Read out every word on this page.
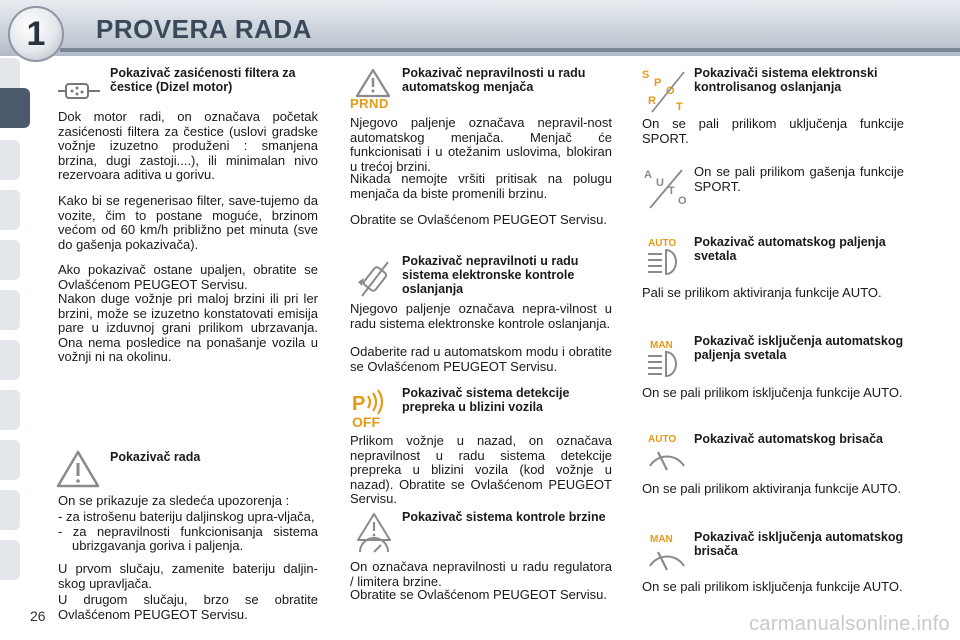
1 PROVERA RADA
Pokazivač zasićenosti filtera za čestice (Dizel motor)
Dok motor radi, on označava početak zasićenosti filtera za čestice (uslovi gradske vožnje izuzetno produženi : smanjena brzina, dugi zastoji....), ili minimalan nivo rezervoara aditiva u gorivu.
Kako bi se regenerisao filter, save-tujemo da vozite, čim to postane moguće, brzinom većom od 60 km/h približno pet minuta (sve do gašenja pokazivača).
Ako pokazivač ostane upaljen, obratite se Ovlašćenom PEUGEOT Servisu.
Nakon duge vožnje pri maloj brzini ili pri ler brzini, može se izuzetno konstatovati emisija pare u izduvnoj grani prilikom ubrzavanja. Ona nema posledice na ponašanje vozila u vožnji ni na okolinu.
Pokazivač rada
On se prikazuje za sledeća upozorenja :
- za istrošenu bateriju daljinskog upra-vljača,
- za nepravilnosti funkcionisanja sistema ubrizgavanja goriva i paljenja.
U prvom slučaju, zamenite bateriju daljin-skog upravljača.
U drugom slučaju, brzo se obratite Ovlašćenom PEUGEOT Servisu.
26
PRND
Pokazivač nepravilnosti u radu automatskog menjača
Njegovo paljenje označava nepravil-nost automatskog menjača. Menjač će funkcionisati i u otežanim uslovima, blokiran u trećoj brzini.
Nikada nemojte vršiti pritisak na polugu menjača da biste promenili brzinu.
Obratite se Ovlašćenom PEUGEOT Servisu.
Pokazivač nepravilnoti u radu sistema elektronske kontrole oslanjanja
Njegovo paljenje označava nepra-vilnost u radu sistema elektronske kontrole oslanjanja.
Odaberite rad u automatskom modu i obratite se Ovlašćenom PEUGEOT Servisu.
P
OFF
Pokazivač sistema detekcije prepreka u blizini vozila
Prlikom vožnje u nazad, on označava nepravilnost u radu sistema detekcije prepreka u blizini vozila (kod vožnje u nazad). Obratite se Ovlašćenom PEUGEOT Servisu.
Pokazivač sistema kontrole brzine
On označava nepravilnosti u radu regulatora / limitera brzine.
Obratite se Ovlašćenom PEUGEOT Servisu.
S
P
O
R T
Pokazivači sistema elektronski kontrolisanog oslanjanja
On se pali prilikom uključenja funkcije SPORT.
A
U
T
O
On se pali prilikom gašenja funkcije SPORT.
AUTO Pokazivač automatskog paljenja svetala
Pali se prilikom aktiviranja funkcije AUTO.
MAN Pokazivač isključenja automatskog paljenja svetala
On se pali prilikom isključenja funkcije AUTO.
AUTO Pokazivač automatskog brisača
On se pali prilikom aktiviranja funkcije AUTO.
MAN Pokazivač isključenja automatskog brisača
On se pali prilikom isključenja funkcije AUTO.
carmanualsonline.info
